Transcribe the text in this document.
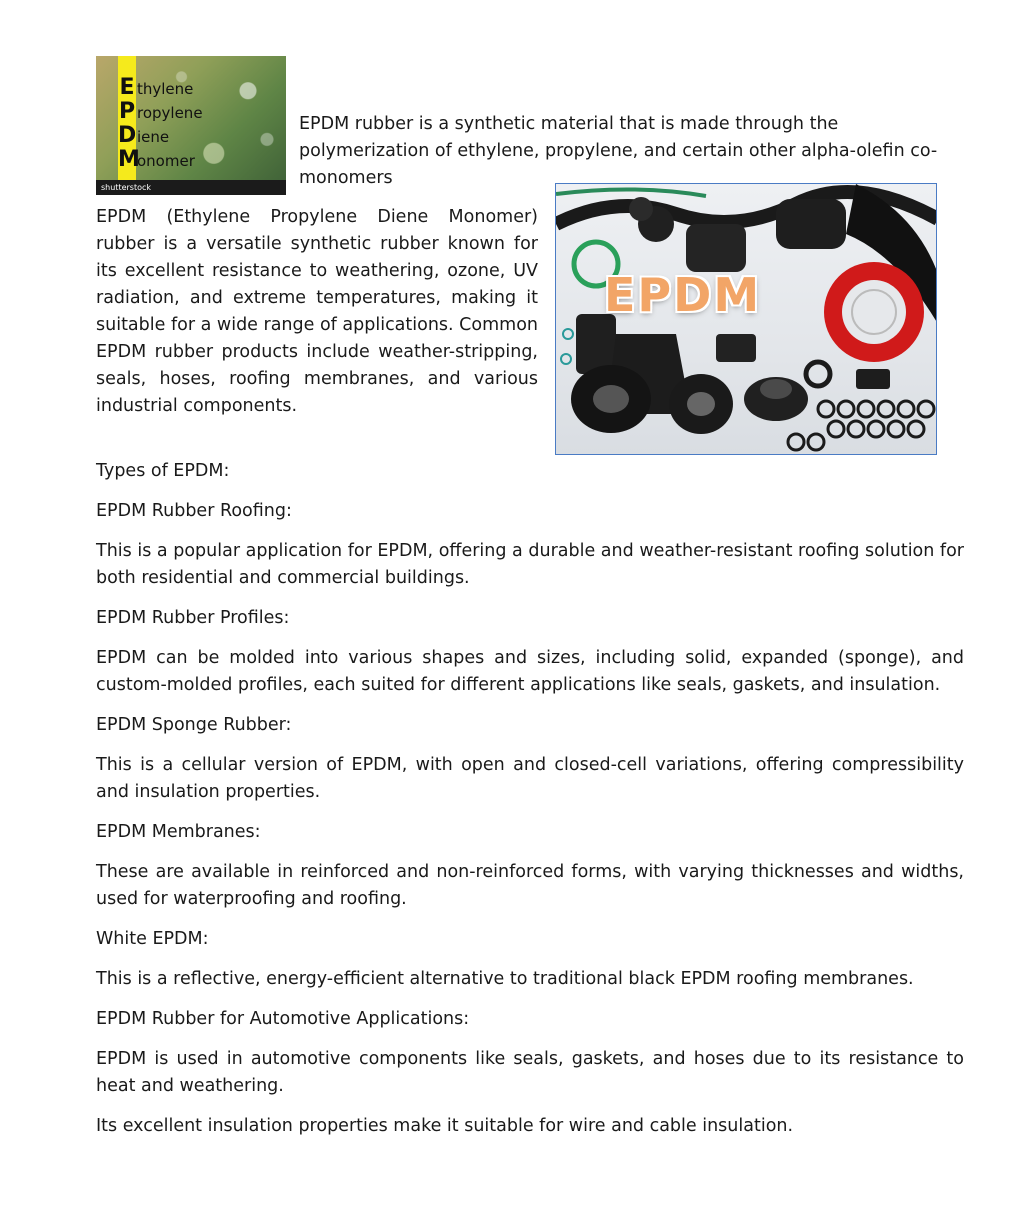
E thylene
P ropylene
D iene
M
onomer
shutterstock

EPDM rubber is a synthetic material that is made through the polymerization of ethylene, propylene, and certain other alpha-olefin co-monomers

EPDM

EPDM (Ethylene Propylene Diene Monomer) rubber is a versatile synthetic rubber known for its excellent resistance to weathering, ozone, UV radiation, and extreme temperatures, making it suitable for a wide range of applications. Common EPDM rubber products include weather-stripping, seals, hoses, roofing membranes, and various industrial components.

Types of EPDM:

EPDM Rubber Roofing:

This is a popular application for EPDM, offering a durable and weather-resistant roofing solution for both residential and commercial buildings.

EPDM Rubber Profiles:

EPDM can be molded into various shapes and sizes, including solid, expanded (sponge), and custom-molded profiles, each suited for different applications like seals, gaskets, and insulation.

EPDM Sponge Rubber:

This is a cellular version of EPDM, with open and closed-cell variations, offering compressibility and insulation properties.

EPDM Membranes:

These are available in reinforced and non-reinforced forms, with varying thicknesses and widths, used for waterproofing and roofing.

White EPDM:

This is a reflective, energy-efficient alternative to traditional black EPDM roofing membranes.

EPDM Rubber for Automotive Applications:

EPDM is used in automotive components like seals, gaskets, and hoses due to its resistance to heat and weathering.

Its excellent insulation properties make it suitable for wire and cable insulation.
